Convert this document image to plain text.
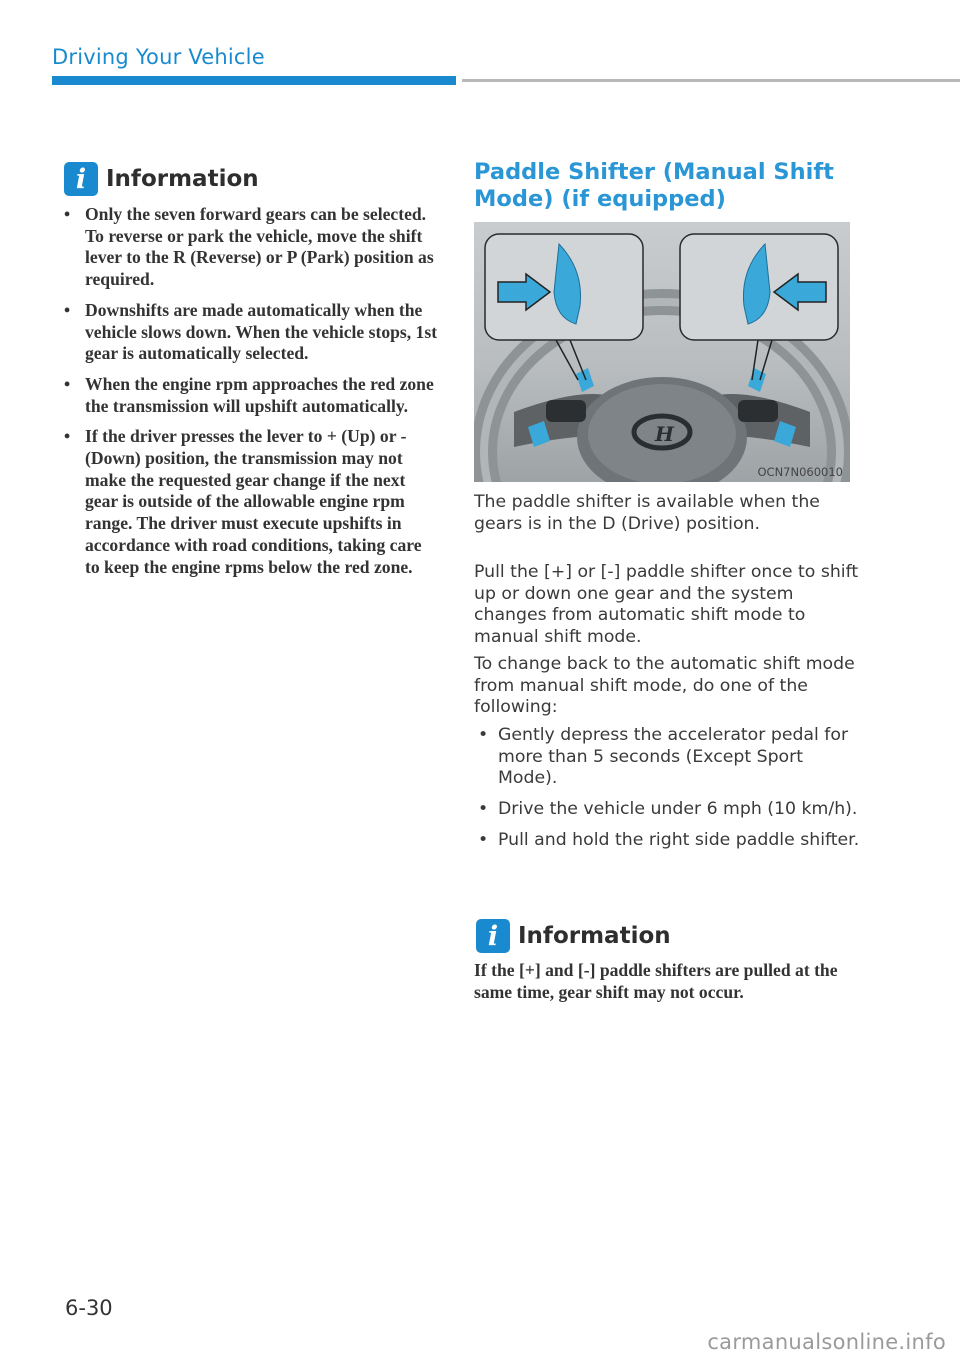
Driving Your Vehicle
i Information
• Only the seven forward gears can be selected. To reverse or park the vehicle, move the shift lever to the R (Reverse) or P (Park) position as required.
• Downshifts are made automatically when the vehicle slows down. When the vehicle stops, 1st gear is automatically selected.
• When the engine rpm approaches the red zone the transmission will upshift automatically.
• If the driver presses the lever to + (Up) or - (Down) position, the transmission may not make the requested gear change if the next gear is outside of the allowable engine rpm range. The driver must execute upshifts in accordance with road conditions, taking care to keep the engine rpms below the red zone.
Paddle Shifter (Manual Shift Mode) (if equipped)
H
OCN7N060010

The paddle shifter is available when the gears is in the D (Drive) position.

Pull the [+] or [-] paddle shifter once to shift up or down one gear and the system changes from automatic shift mode to manual shift mode.

To change back to the automatic shift mode from manual shift mode, do one of the following:

• Gently depress the accelerator pedal for more than 5 seconds (Except Sport Mode).
• Drive the vehicle under 6 mph (10 km/h).
• Pull and hold the right side paddle shifter.
i Information

If the [+] and [-] paddle shifters are pulled at the same time, gear shift may not occur.

6-30
carmanualsonline.info
